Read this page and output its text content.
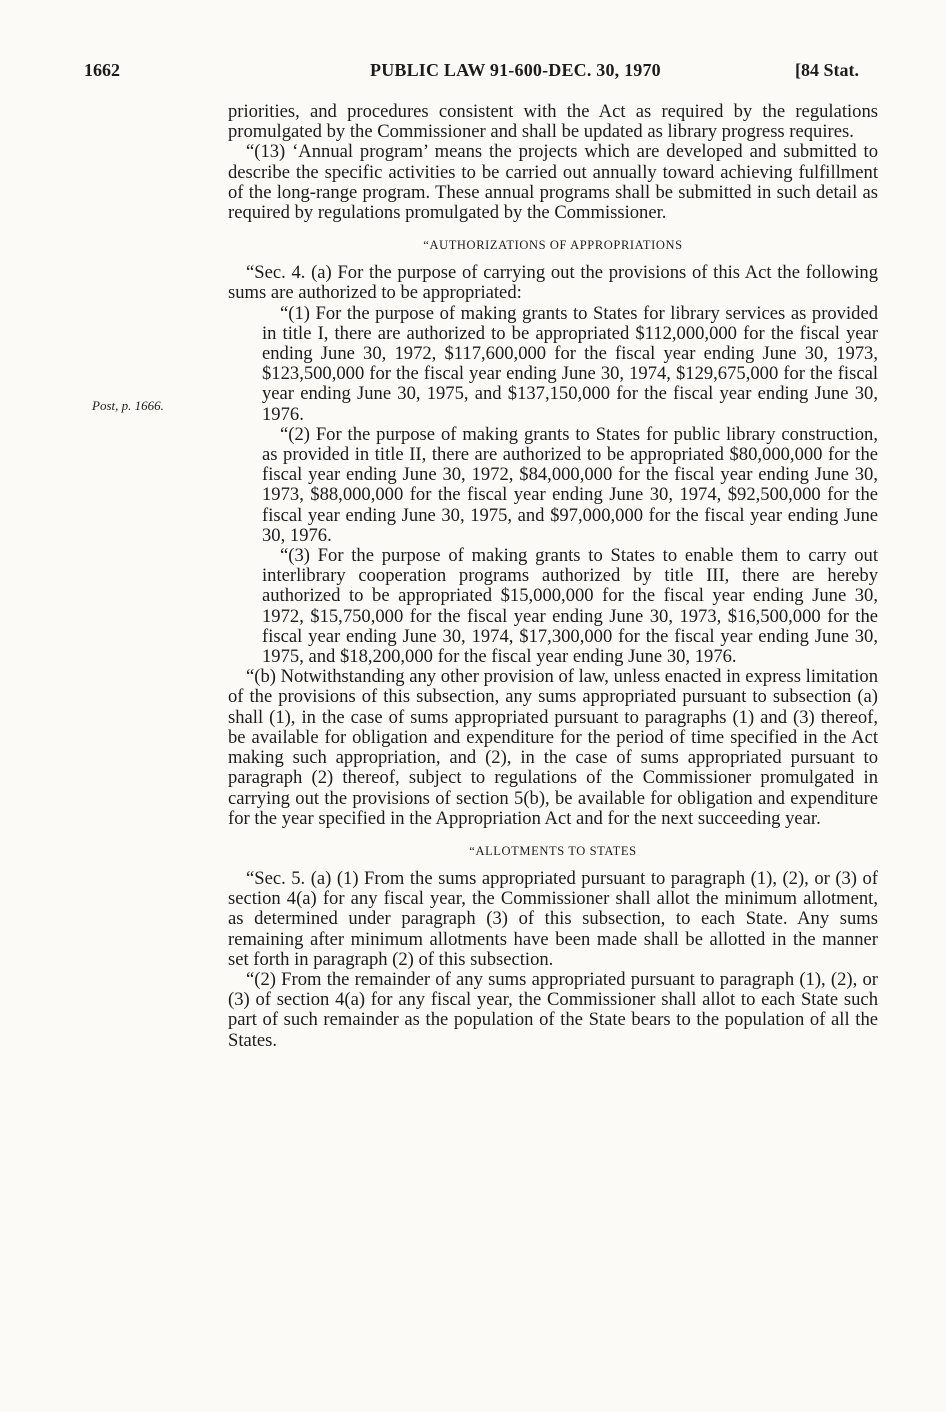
1662	PUBLIC LAW 91-600-DEC. 30, 1970	[84 Stat.
Post, p. 1666.

priorities, and procedures consistent with the Act as required by the regulations promulgated by the Commissioner and shall be updated as library progress requires.

“(13) ‘Annual program’ means the projects which are developed and submitted to describe the specific activities to be carried out annually toward achieving fulfillment of the long-range program. These annual programs shall be submitted in such detail as required by regulations promulgated by the Commissioner.

“AUTHORIZATIONS OF APPROPRIATIONS

“Sec. 4. (a) For the purpose of carrying out the provisions of this Act the following sums are authorized to be appropriated:

“(1) For the purpose of making grants to States for library services as provided in title I, there are authorized to be appropriated $112,000,000 for the fiscal year ending June 30, 1972, $117,600,000 for the fiscal year ending June 30, 1973, $123,500,000 for the fiscal year ending June 30, 1974, $129,675,000 for the fiscal year ending June 30, 1975, and $137,150,000 for the fiscal year ending June 30, 1976.

“(2) For the purpose of making grants to States for public library construction, as provided in title II, there are authorized to be appropriated $80,000,000 for the fiscal year ending June 30, 1972, $84,000,000 for the fiscal year ending June 30, 1973, $88,000,000 for the fiscal year ending June 30, 1974, $92,500,000 for the fiscal year ending June 30, 1975, and $97,000,000 for the fiscal year ending June 30, 1976.

“(3) For the purpose of making grants to States to enable them to carry out interlibrary cooperation programs authorized by title III, there are hereby authorized to be appropriated $15,000,000 for the fiscal year ending June 30, 1972, $15,750,000 for the fiscal year ending June 30, 1973, $16,500,000 for the fiscal year ending June 30, 1974, $17,300,000 for the fiscal year ending June 30, 1975, and $18,200,000 for the fiscal year ending June 30, 1976.

“(b) Notwithstanding any other provision of law, unless enacted in express limitation of the provisions of this subsection, any sums appropriated pursuant to subsection (a) shall (1), in the case of sums appropriated pursuant to paragraphs (1) and (3) thereof, be available for obligation and expenditure for the period of time specified in the Act making such appropriation, and (2), in the case of sums appropriated pursuant to paragraph (2) thereof, subject to regulations of the Commissioner promulgated in carrying out the provisions of section 5(b), be available for obligation and expenditure for the year specified in the Appropriation Act and for the next succeeding year.

“ALLOTMENTS TO STATES

“Sec. 5. (a) (1) From the sums appropriated pursuant to paragraph (1), (2), or (3) of section 4(a) for any fiscal year, the Commissioner shall allot the minimum allotment, as determined under paragraph (3) of this subsection, to each State. Any sums remaining after minimum allotments have been made shall be allotted in the manner set forth in paragraph (2) of this subsection.

“(2) From the remainder of any sums appropriated pursuant to paragraph (1), (2), or (3) of section 4(a) for any fiscal year, the Commissioner shall allot to each State such part of such remainder as the population of the State bears to the population of all the States.
